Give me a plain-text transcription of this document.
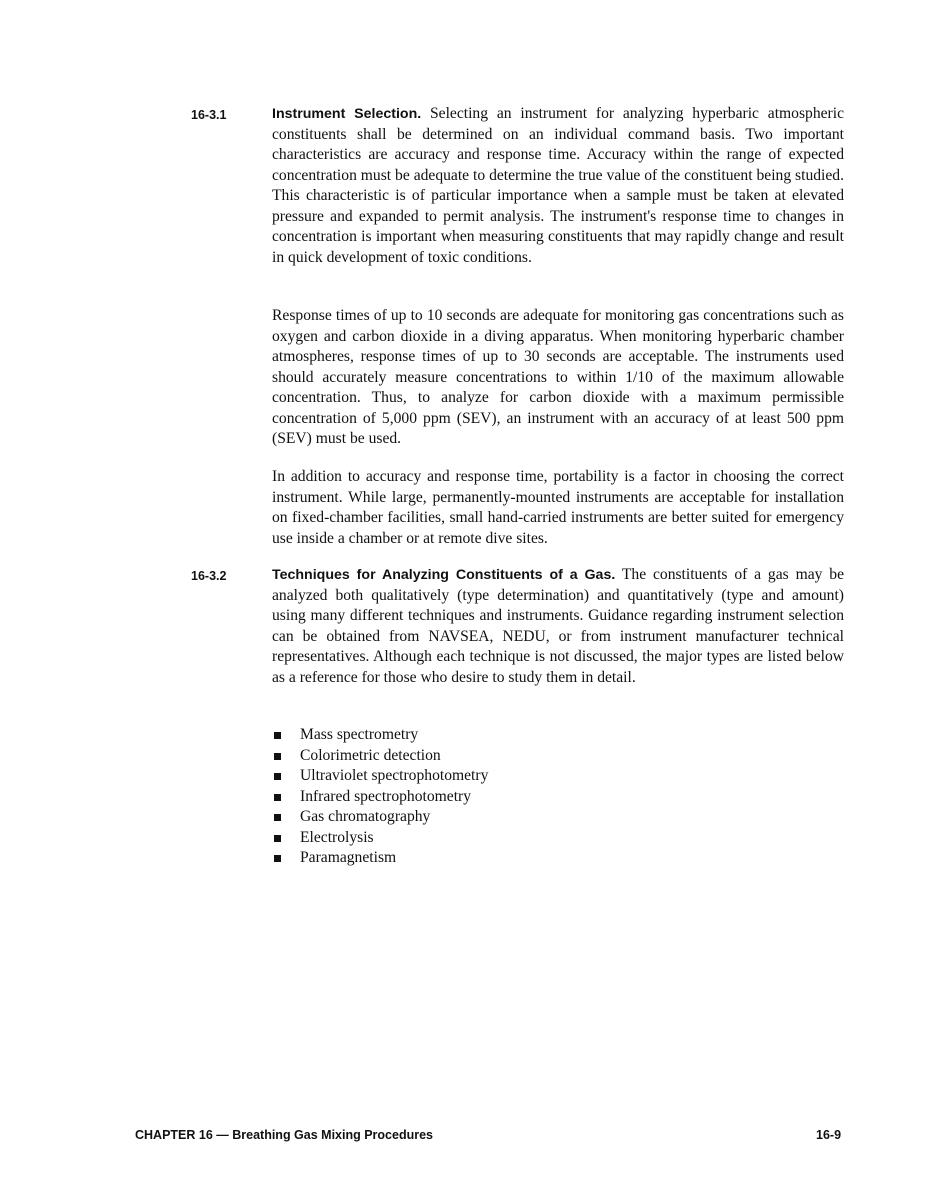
16-3.1	Instrument Selection. Selecting an instrument for analyzing hyperbaric atmospheric constituents shall be determined on an individual command basis. Two important characteristics are accuracy and response time. Accuracy within the range of expected concentration must be adequate to determine the true value of the constituent being studied. This characteristic is of particular importance when a sample must be taken at elevated pressure and expanded to permit analysis. The instrument's response time to changes in concentration is important when measuring constituents that may rapidly change and result in quick development of toxic conditions.

Response times of up to 10 seconds are adequate for monitoring gas concentrations such as oxygen and carbon dioxide in a diving apparatus. When monitoring hyperbaric chamber atmospheres, response times of up to 30 seconds are acceptable. The instruments used should accurately measure concentrations to within 1/10 of the maximum allowable concentration. Thus, to analyze for carbon dioxide with a maximum permissible concentration of 5,000 ppm (SEV), an instrument with an accuracy of at least 500 ppm (SEV) must be used.

In addition to accuracy and response time, portability is a factor in choosing the correct instrument. While large, permanently-mounted instruments are acceptable for installation on fixed-chamber facilities, small hand-carried instruments are better suited for emergency use inside a chamber or at remote dive sites.

16-3.2	Techniques for Analyzing Constituents of a Gas. The constituents of a gas may be analyzed both qualitatively (type determination) and quantitatively (type and amount) using many different techniques and instruments. Guidance regarding instrument selection can be obtained from NAVSEA, NEDU, or from instrument manufacturer technical representatives. Although each technique is not discussed, the major types are listed below as a reference for those who desire to study them in detail.

Mass spectrometry
Colorimetric detection
Ultraviolet spectrophotometry
Infrared spectrophotometry
Gas chromatography
Electrolysis
Paramagnetism
CHAPTER 16 — Breathing Gas Mixing Procedures	16-9
